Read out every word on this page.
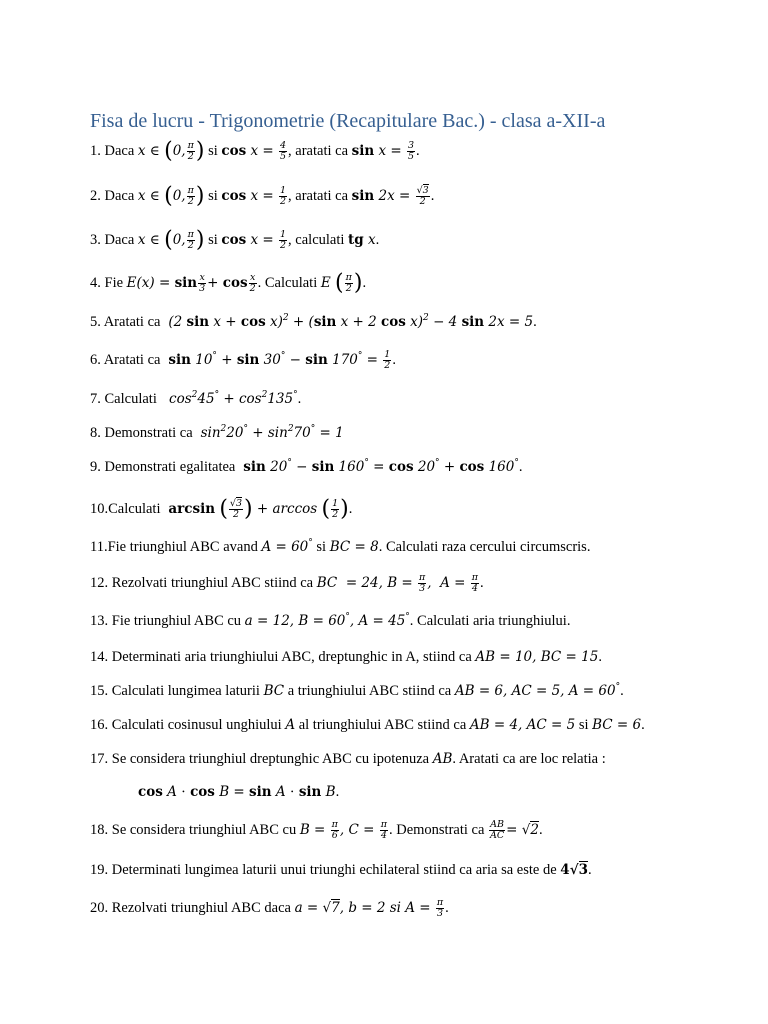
Fisa de lucru - Trigonometrie (Recapitulare Bac.) - clasa a-XII-a
1. Daca x ∈ (0, $\frac{\pi}{2}$ ) si $\cos x = \frac{4}{5}$ , aratati ca $\sin x = \frac{3}{5}$ .
2. Daca x ∈ (0, $\frac{\pi}{2}$ ) si $\cos x = \frac{1}{2}$ , aratati ca $\sin 2x = \frac{√3}{2}$ .
3. Daca x ∈ (0, $\frac{\pi}{2}$ ) si $\cos x = \frac{1}{2}$ , calculati tg x.
4. Fie $E(x) = \sin \frac{x}{3} + \cos \frac{x}{2}$ . Calculati E ( $\frac{\pi}{2}$ ).
5. Aratati ca  (2 sin x + cos x)$^2$ + (sin x + 2 cos x)$^2$ − 4 sin 2x = 5.
6. Aratati ca $\sin 10^\circ + \sin 30^\circ - \sin 170^\circ = \frac{1}{2}$ .
7. Calculati   $\cos^245^\circ + \cos^2135^\circ$.
8. Demonstrati ca  $\sin^220^\circ + \sin^270^\circ = 1$
9. Demonstrati egalitatea sin 20° − sin 160° = cos 20° + cos 160°.
10.Calculati arcsin ( $\frac{√3}{2}$ ) + arccos ( $\frac{1}{2}$ ).
11.Fie triunghiul ABC avand A = 60° si BC = 8. Calculati raza cercului circumscris.
12. Rezolvati triunghiul ABC stiind ca BC  = 24, $B = \frac{\pi}{3}$ ,  $A = \frac{\pi}{4}$ .
13. Fie triunghiul ABC cu a = 12, B = 60°, A = 45°. Calculati aria triunghiului.
14. Determinati aria triunghiului ABC, dreptunghic in A, stiind ca AB = 10, BC = 15.
15. Calculati lungimea laturii BC a triunghiului ABC stiind ca AB = 6, AC = 5, A = 60°.
16. Calculati cosinusul unghiului A al triunghiului ABC stiind ca AB = 4, AC = 5 si BC = 6.
17. Se considera triunghiul dreptunghic ABC cu ipotenuza AB. Aratati ca are loc relatia :
cos A ⋅ cos B = sin A ⋅ sin B.
18. Se considera triunghiul ABC cu $B = \frac{\pi}{6}$ , $C = \frac{\pi}{4}$ . Demonstrati ca $\frac{AB}{AC} = √2$.
19. Determinati lungimea laturii unui triunghi echilateral stiind ca aria sa este de 4√3.
20. Rezolvati triunghiul ABC daca a = √7, b = 2 si $A = \frac{\pi}{3}$ .
